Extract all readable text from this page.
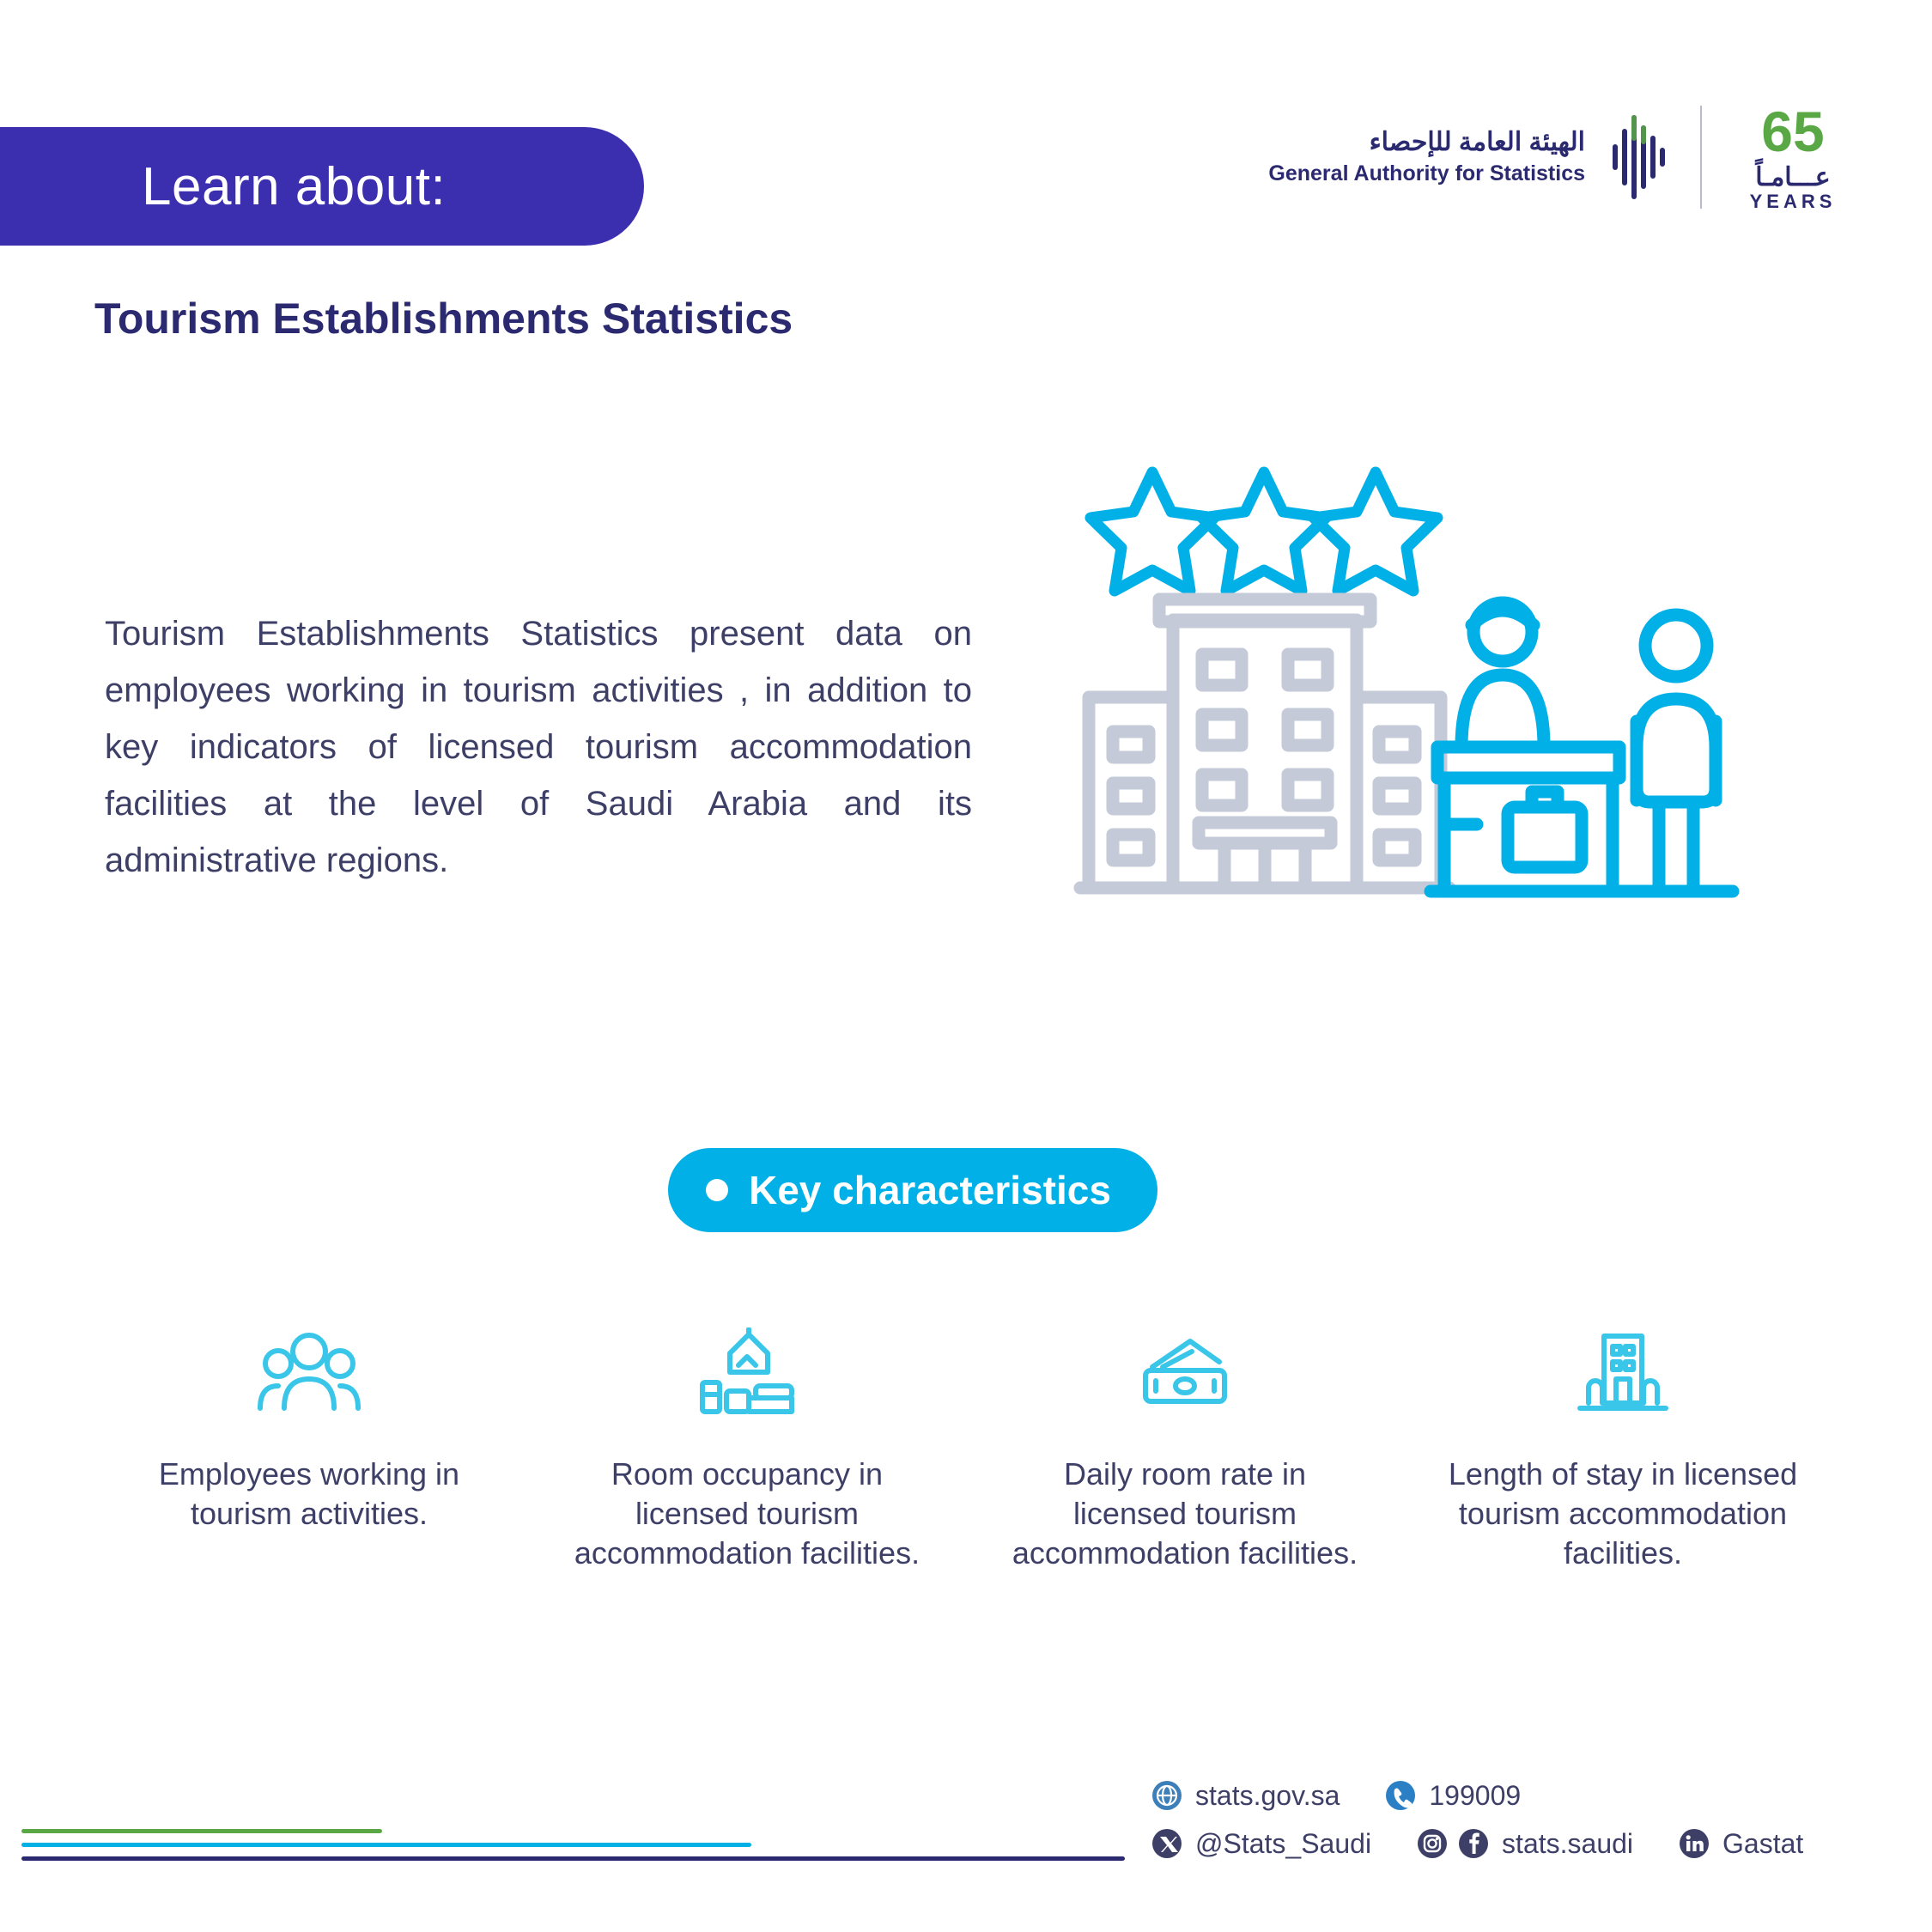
Learn about:
الهيئة العامة للإحصاء
General Authority for Statistics
65
عـــامـاً
YEARS
Tourism Establishments Statistics
Tourism Establishments Statistics present data on employees working in tourism activities , in addition to key indicators of licensed tourism accommodation facilities at the level of Saudi Arabia and its administrative regions.
Key characteristics
Employees working in tourism activities.
Room occupancy in licensed tourism accommodation facilities.
Daily room rate in licensed tourism accommodation facilities.
Length of stay in licensed tourism accommodation facilities.
stats.gov.sa	199009
@Stats_Saudi	stats.saudi	Gastat
